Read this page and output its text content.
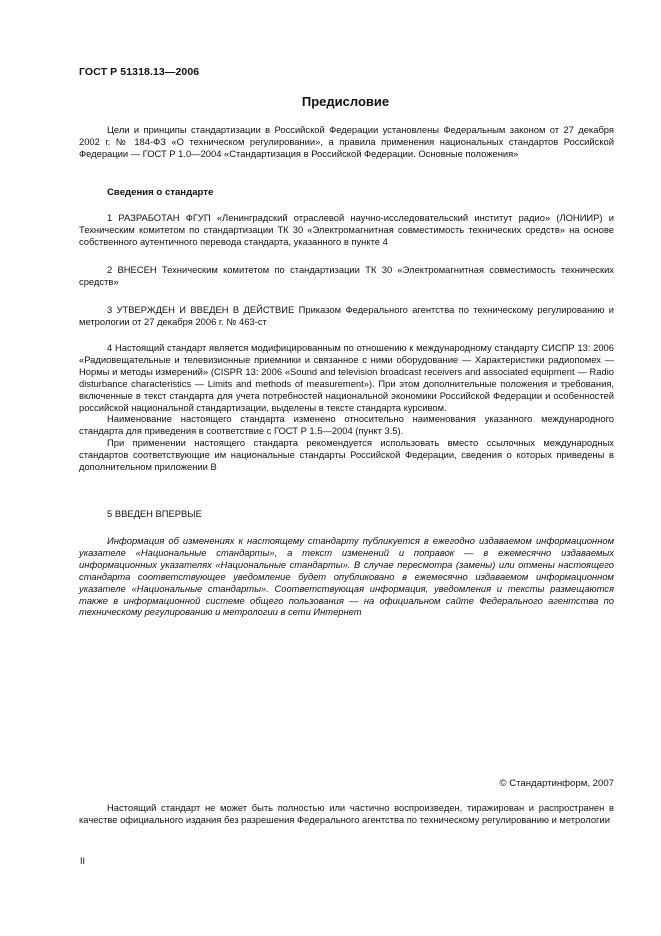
ГОСТ Р 51318.13—2006
Предисловие

Цели и принципы стандартизации в Российской Федерации установлены Федеральным законом от 27 декабря 2002 г. № 184-ФЗ «О техническом регулировании», а правила применения национальных стандартов Российской Федерации — ГОСТ Р 1.0—2004 «Стандартизация в Российской Федерации. Основные положения»

Сведения о стандарте

1 РАЗРАБОТАН ФГУП «Ленинградский отраслевой научно-исследовательский институт радио» (ЛОНИИР) и Техническим комитетом по стандартизации ТК 30 «Электромагнитная совместимость технических средств» на основе собственного аутентичного перевода стандарта, указанного в пункте 4

2 ВНЕСЕН Техническим комитетом по стандартизации ТК 30 «Электромагнитная совместимость технических средств»

3 УТВЕРЖДЕН И ВВЕДЕН В ДЕЙСТВИЕ Приказом Федерального агентства по техническому регулированию и метрологии от 27 декабря 2006 г. № 463-ст

4 Настоящий стандарт является модифицированным по отношению к международному стандарту СИСПР 13: 2006 «Радиовещательные и телевизионные приемники и связанное с ними оборудование — Характеристики радиопомех — Нормы и методы измерений» (CISPR 13: 2006 «Sound and television broadcast receivers and associated equipment — Radio disturbance characteristics — Limits and methods of measurement»). При этом дополнительные положения и требования, включенные в текст стандарта для учета потребностей национальной экономики Российской Федерации и особенностей российской национальной стандартизации, выделены в тексте стандарта курсивом.

Наименование настоящего стандарта изменено относительно наименования указанного международного стандарта для приведения в соответствие с ГОСТ Р 1.5—2004 (пункт 3.5).

При применении настоящего стандарта рекомендуется использовать вместо ссылочных международных стандартов соответствующие им национальные стандарты Российской Федерации, сведения о которых приведены в дополнительном приложении В

5 ВВЕДЕН ВПЕРВЫЕ

Информация об изменениях к настоящему стандарту публикуется в ежегодно издаваемом информационном указателе «Национальные стандарты», а текст изменений и поправок — в ежемесячно издаваемых информационных указателях «Национальные стандарты». В случае пересмотра (замены) или отмены настоящего стандарта соответствующее уведомление будет опубликовано в ежемесячно издаваемом информационном указателе «Национальные стандарты». Соответствующая информация, уведомления и тексты размещаются также в информационной системе общего пользования — на официальном сайте Федерального агентства по техническому регулированию и метрологии в сети Интернет

© Стандартинформ, 2007

Настоящий стандарт не может быть полностью или частично воспроизведен, тиражирован и распространен в качестве официального издания без разрешения Федерального агентства по техническому регулированию и метрологии

II
